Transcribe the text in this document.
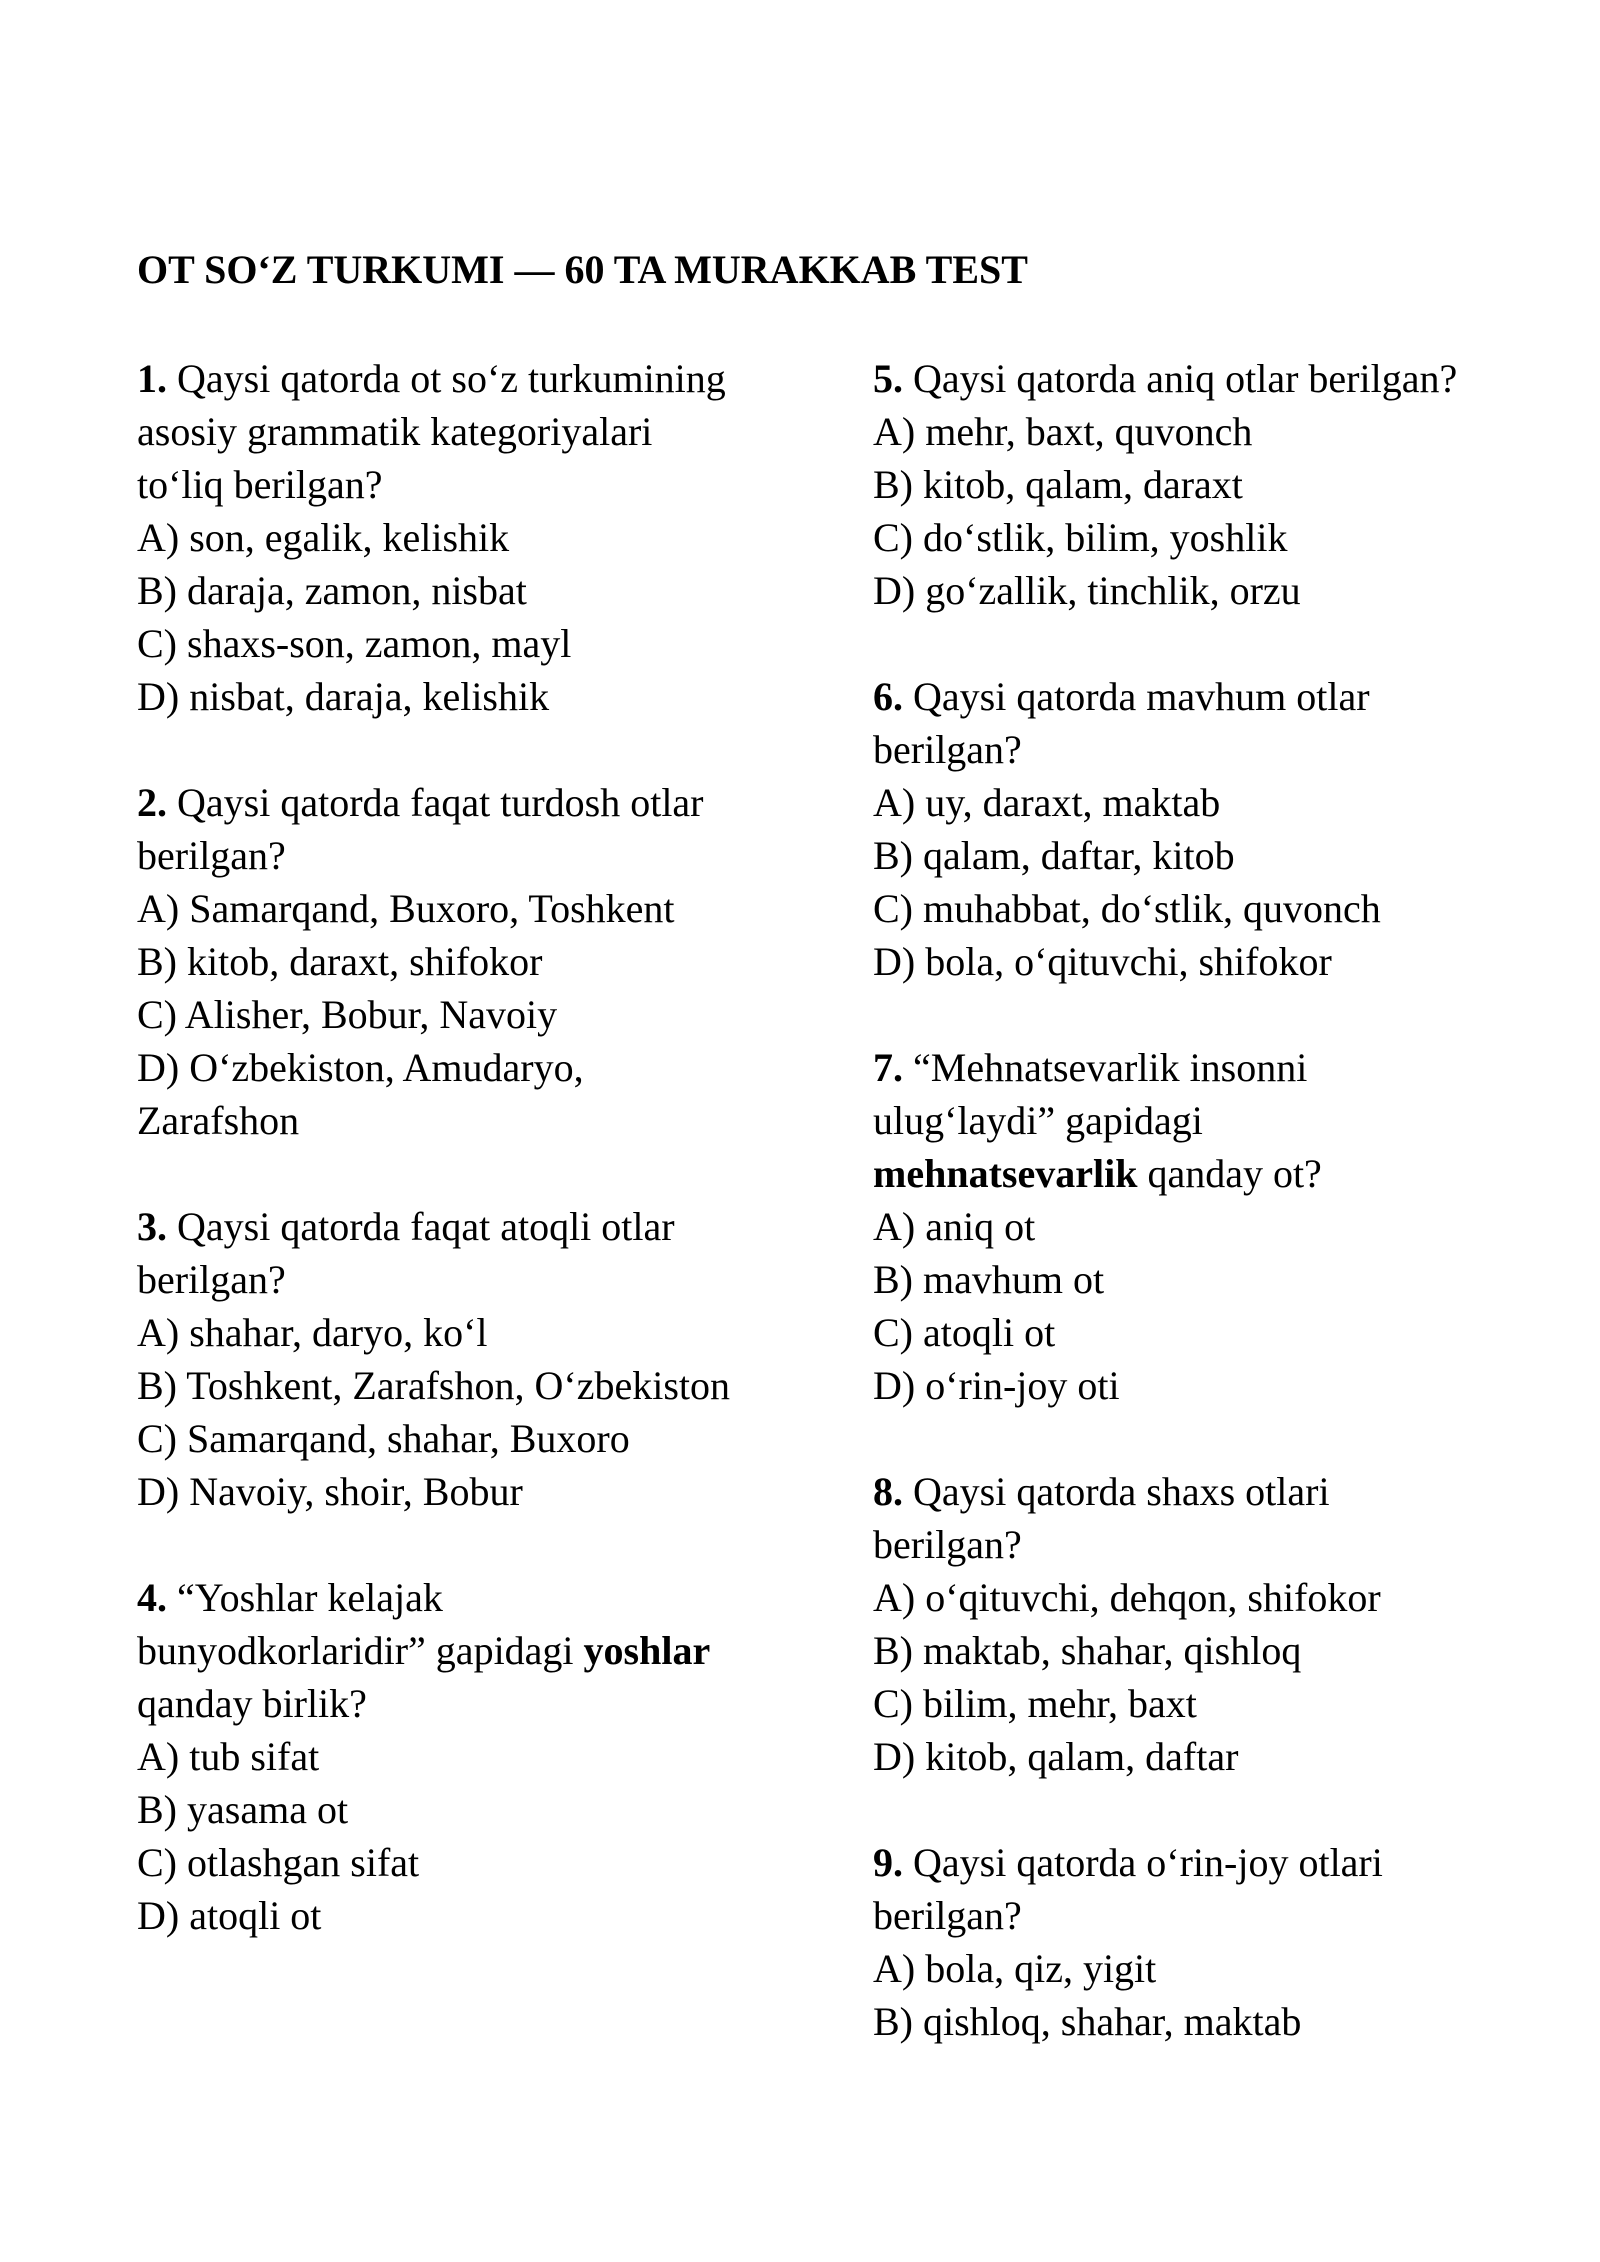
OT SO‘Z TURKUMI — 60 TA MURAKKAB TEST
1. Qaysi qatorda ot so‘z turkumining asosiy grammatik kategoriyalari to‘liq berilgan?
A) son, egalik, kelishik
B) daraja, zamon, nisbat
C) shaxs-son, zamon, mayl
D) nisbat, daraja, kelishik
2. Qaysi qatorda faqat turdosh otlar berilgan?
A) Samarqand, Buxoro, Toshkent
B) kitob, daraxt, shifokor
C) Alisher, Bobur, Navoiy
D) O‘zbekiston, Amudaryo, Zarafshon
3. Qaysi qatorda faqat atoqli otlar berilgan?
A) shahar, daryo, ko‘l
B) Toshkent, Zarafshon, O‘zbekiston
C) Samarqand, shahar, Buxoro
D) Navoiy, shoir, Bobur
4. “Yoshlar kelajak bunyodkorlaridir” gapidagi yoshlar qanday birlik?
A) tub sifat
B) yasama ot
C) otlashgan sifat
D) atoqli ot
5. Qaysi qatorda aniq otlar berilgan?
A) mehr, baxt, quvonch
B) kitob, qalam, daraxt
C) do‘stlik, bilim, yoshlik
D) go‘zallik, tinchlik, orzu
6. Qaysi qatorda mavhum otlar berilgan?
A) uy, daraxt, maktab
B) qalam, daftar, kitob
C) muhabbat, do‘stlik, quvonch
D) bola, o‘qituvchi, shifokor
7. “Mehnatsevarlik insonni ulug‘laydi” gapidagi mehnatsevarlik qanday ot?
A) aniq ot
B) mavhum ot
C) atoqli ot
D) o‘rin-joy oti
8. Qaysi qatorda shaxs otlari berilgan?
A) o‘qituvchi, dehqon, shifokor
B) maktab, shahar, qishloq
C) bilim, mehr, baxt
D) kitob, qalam, daftar
9. Qaysi qatorda o‘rin-joy otlari berilgan?
A) bola, qiz, yigit
B) qishloq, shahar, maktab
